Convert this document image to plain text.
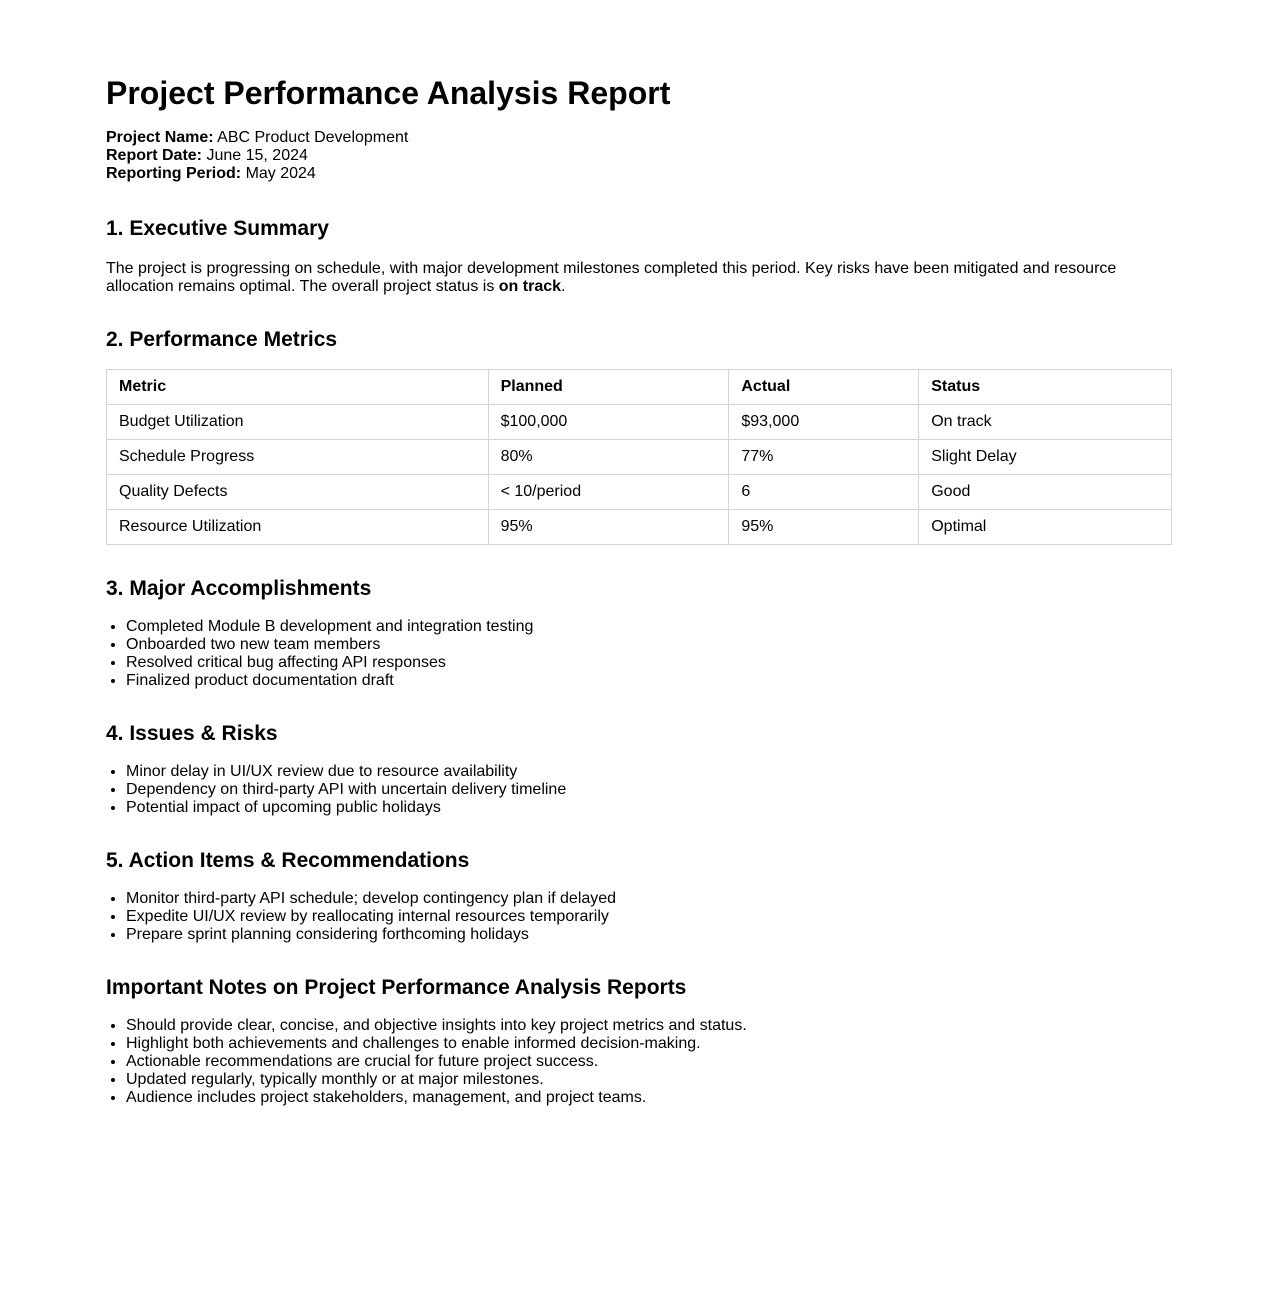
Project Performance Analysis Report
Project Name: ABC Product Development
Report Date: June 15, 2024
Reporting Period: May 2024
1. Executive Summary

The project is progressing on schedule, with major development milestones completed this period. Key risks have been mitigated and resource allocation remains optimal. The overall project status is on track.

2. Performance Metrics
Metric	Planned	Actual	Status
Budget Utilization	$100,000	$93,000	On track
Schedule Progress	80%	77%	Slight Delay
Quality Defects	< 10/period	6	Good
Resource Utilization	95%	95%	Optimal
3. Major Accomplishments
• Completed Module B development and integration testing
• Onboarded two new team members
• Resolved critical bug affecting API responses
• Finalized product documentation draft
4. Issues & Risks
• Minor delay in UI/UX review due to resource availability
• Dependency on third-party API with uncertain delivery timeline
• Potential impact of upcoming public holidays
5. Action Items & Recommendations
• Monitor third-party API schedule; develop contingency plan if delayed
• Expedite UI/UX review by reallocating internal resources temporarily
• Prepare sprint planning considering forthcoming holidays
Important Notes on Project Performance Analysis Reports
• Should provide clear, concise, and objective insights into key project metrics and status.
• Highlight both achievements and challenges to enable informed decision-making.
• Actionable recommendations are crucial for future project success.
• Updated regularly, typically monthly or at major milestones.
• Audience includes project stakeholders, management, and project teams.
